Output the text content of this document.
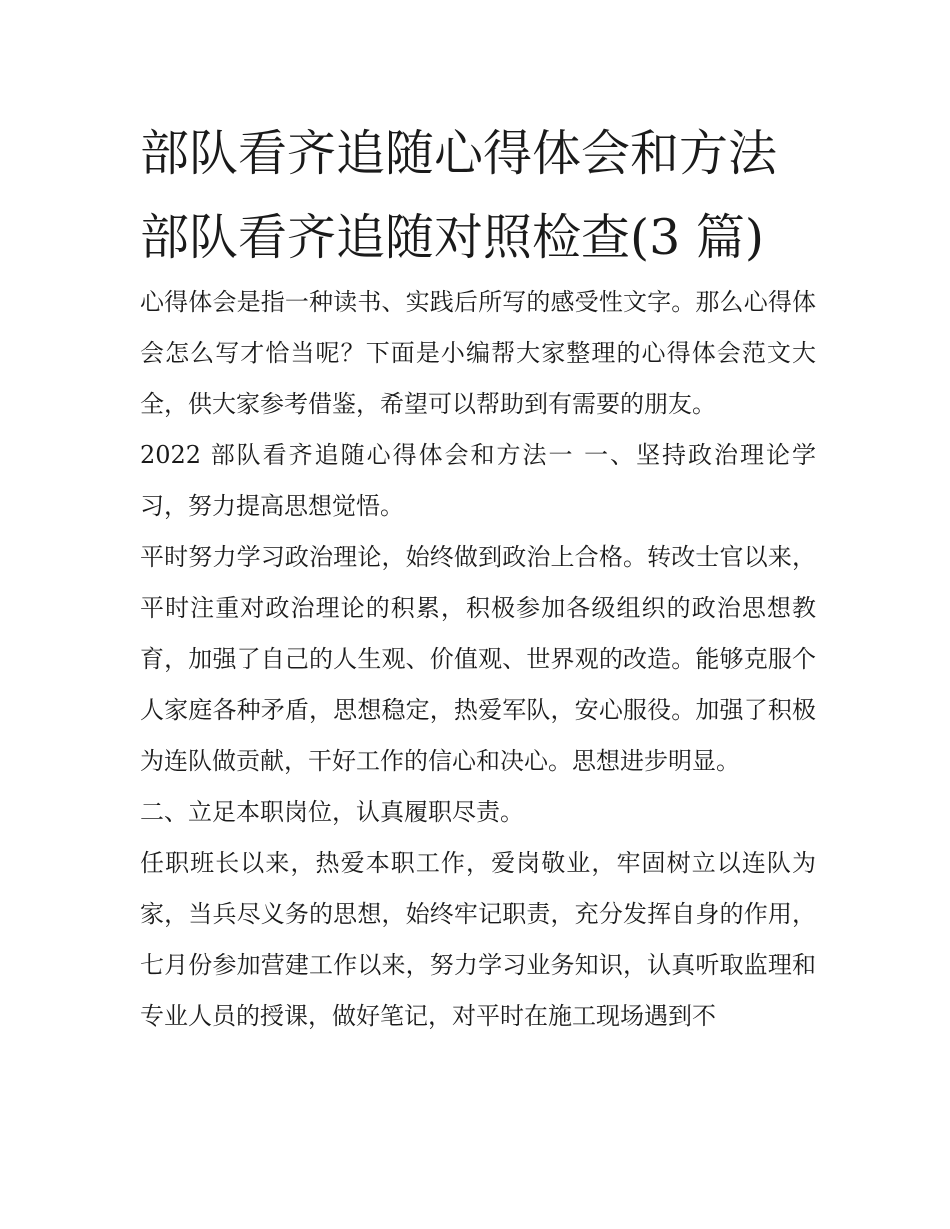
部队看齐追随心得体会和方法
部队看齐追随对照检查(3 篇)

心得体会是指一种读书、实践后所写的感受性文字。那么心得体会怎么写才恰当呢？下面是小编帮大家整理的心得体会范文大全，供大家参考借鉴，希望可以帮助到有需要的朋友。

2022 部队看齐追随心得体会和方法一 一、坚持政治理论学习，努力提高思想觉悟。

平时努力学习政治理论，始终做到政治上合格。转改士官以来，平时注重对政治理论的积累，积极参加各级组织的政治思想教育，加强了自己的人生观、价值观、世界观的改造。能够克服个人家庭各种矛盾，思想稳定，热爱军队，安心服役。加强了积极为连队做贡献，干好工作的信心和决心。思想进步明显。

二、立足本职岗位，认真履职尽责。

任职班长以来，热爱本职工作，爱岗敬业，牢固树立以连队为家，当兵尽义务的思想，始终牢记职责，充分发挥自身的作用，七月份参加营建工作以来，努力学习业务知识，认真听取监理和专业人员的授课，做好笔记，对平时在施工现场遇到不
